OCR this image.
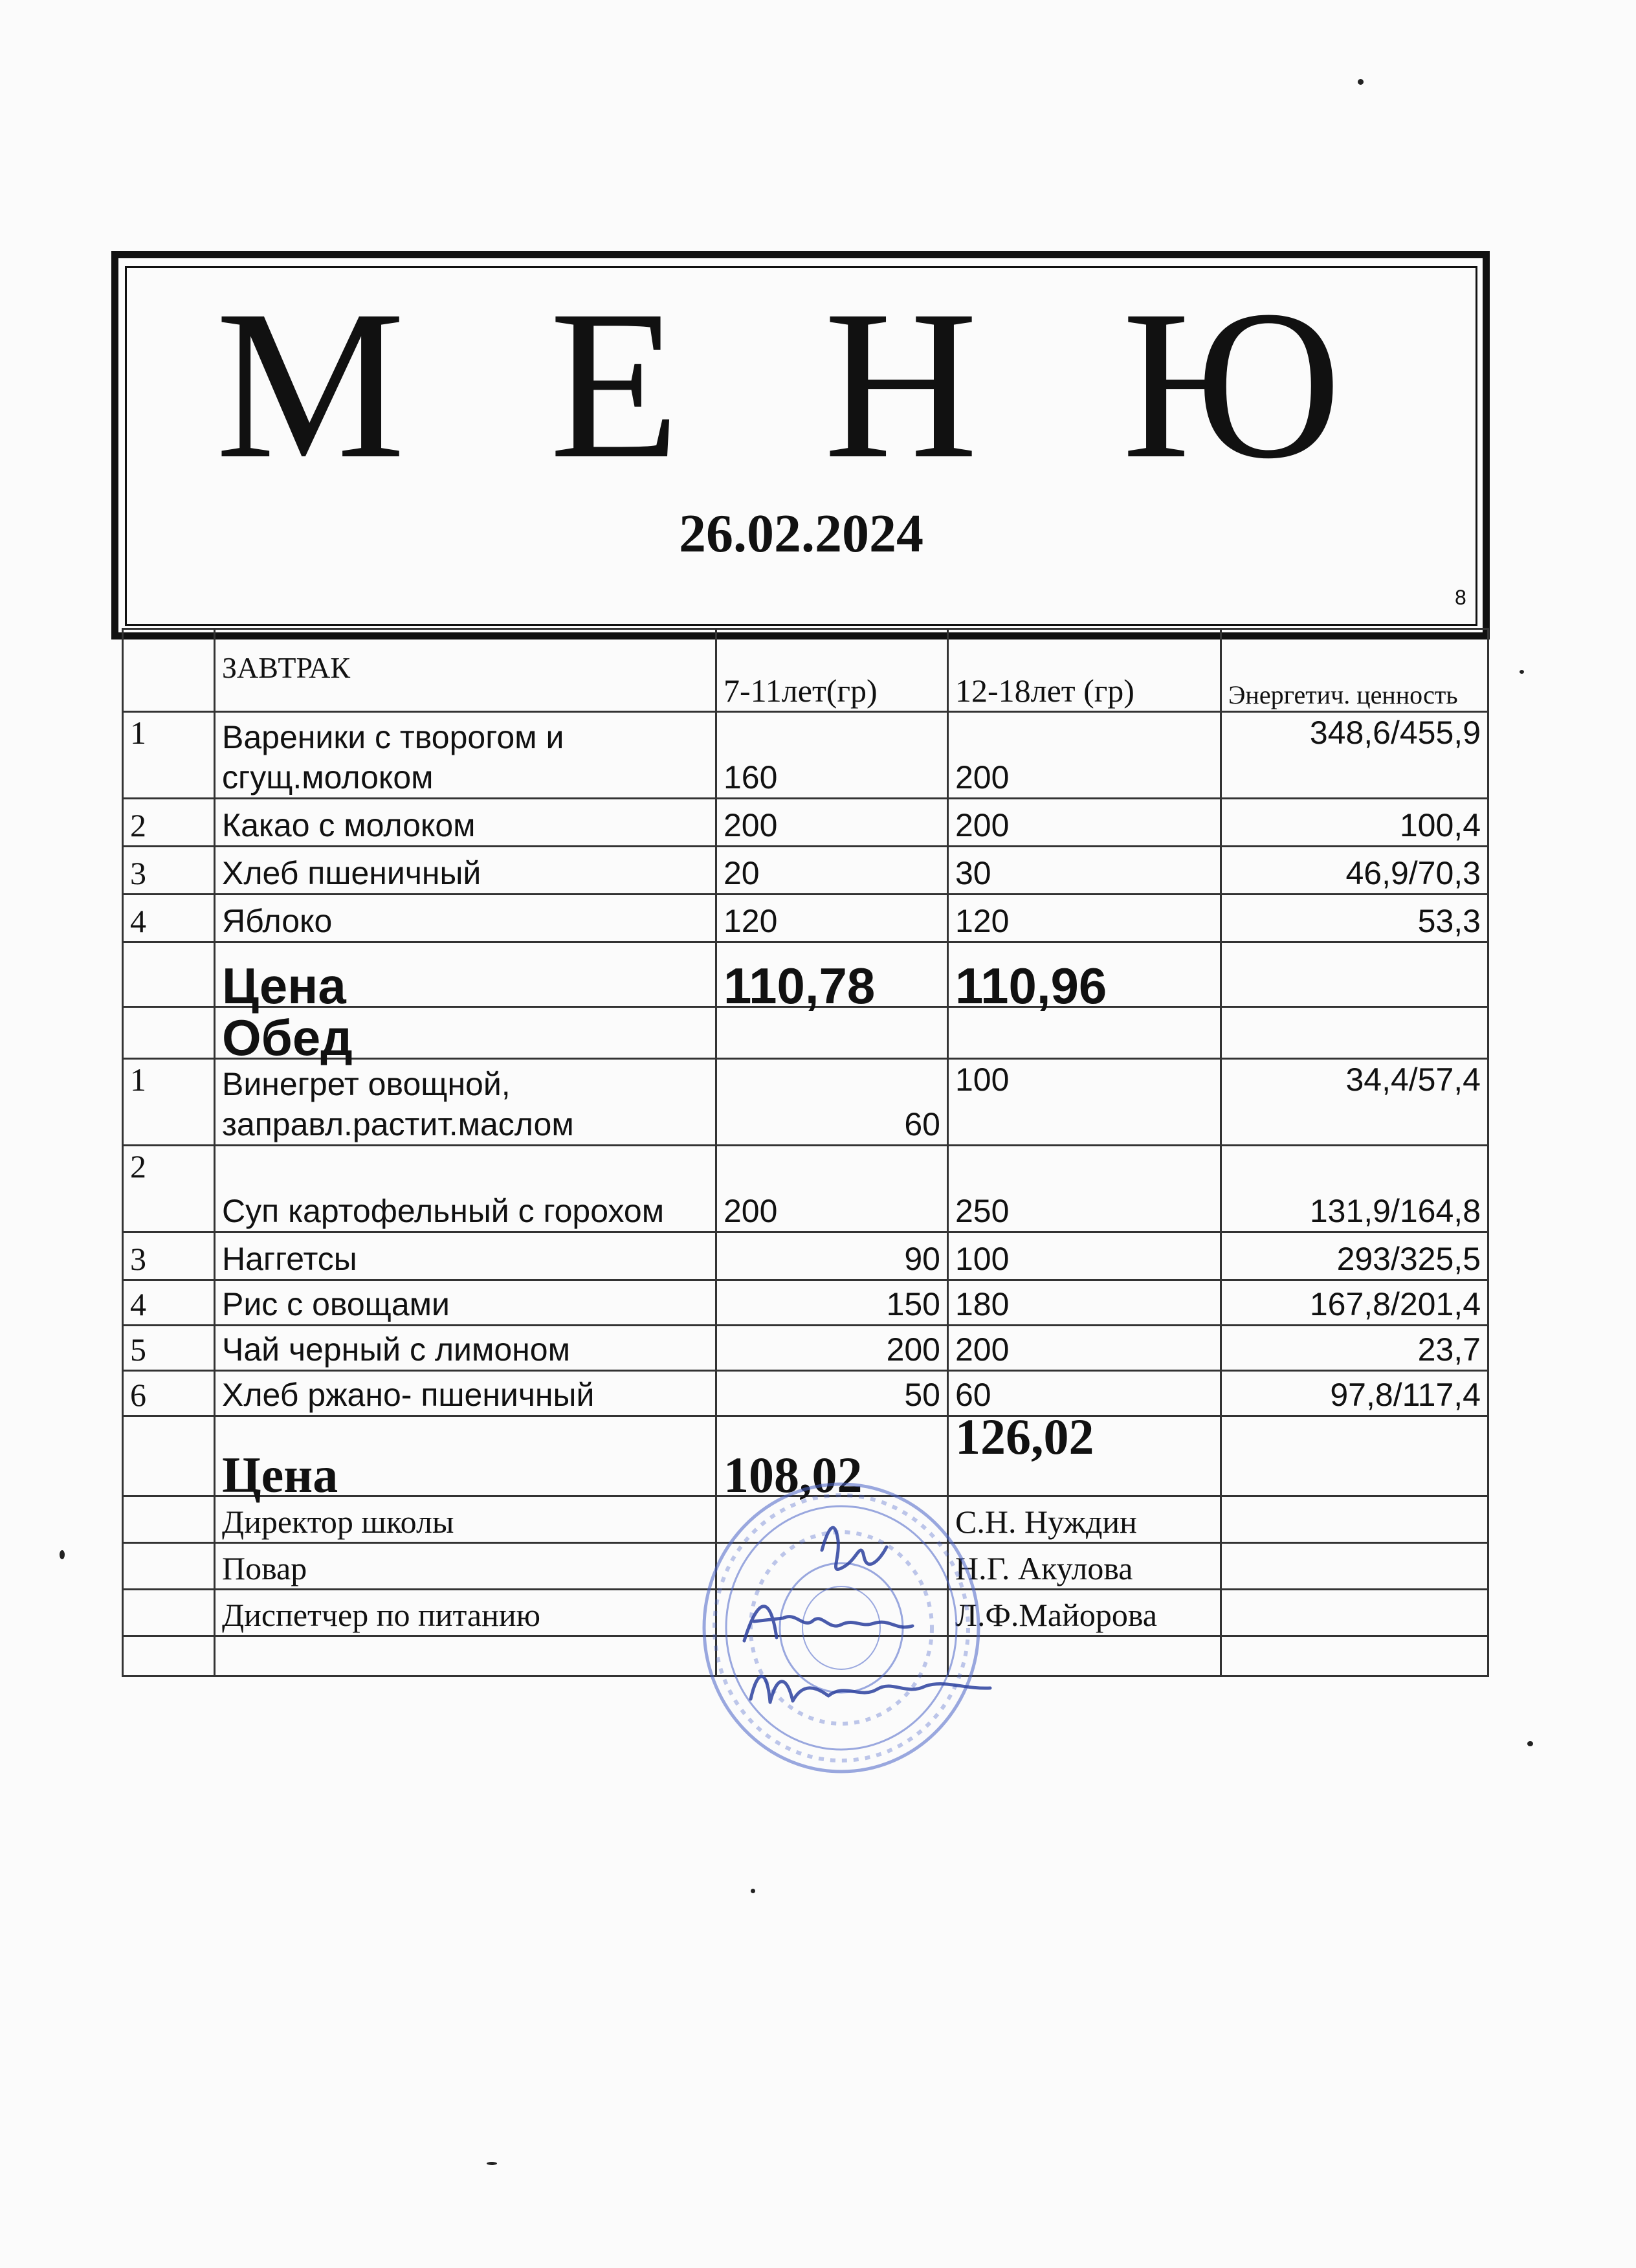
М Е Н Ю
26.02.2024
8
	ЗАВТРАК	7-11лет(гр)	12-18лет (гр)	Энергетич. ценность
1	Вареники с творогом и сгущ.молоком	160	200	348,6/455,9
2	Какао с молоком	200	200	100,4
3	Хлеб пшеничный	20	30	46,9/70,3
4	Яблоко	120	120	53,3
	Цена	110,78	110,96	
	Обед			
1	Винегрет овощной, заправл.растит.маслом	60	100	34,4/57,4
2	Суп картофельный с горохом	200	250	131,9/164,8
3	Наггетсы	90	100	293/325,5
4	Рис с овощами	150	180	167,8/201,4
5	Чай черный с лимоном	200	200	23,7
6	Хлеб ржано- пшеничный	50	60	97,8/117,4
	Цена	108,02	126,02	
	Директор школы		С.Н. Нуждин	
	Повар		Н.Г. Акулова	
	Диспетчер по питанию		Л.Ф.Майорова	
